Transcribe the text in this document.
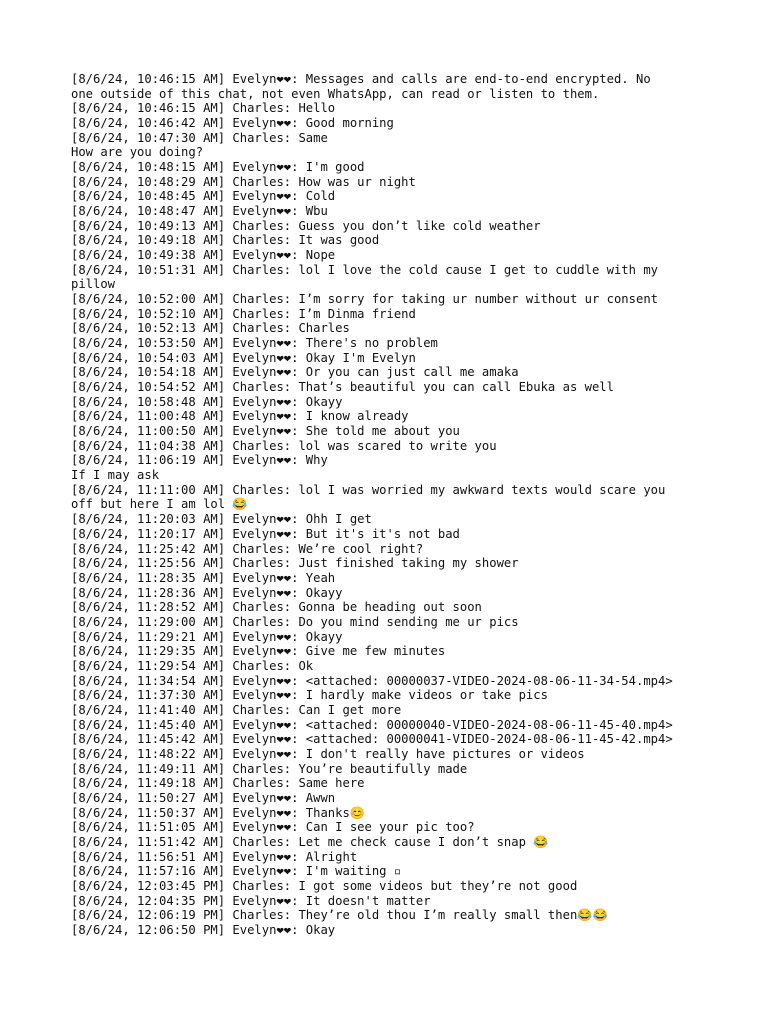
[8/6/24, 10:46:15 AM] Evelyn❤❤: Messages and calls are end-to-end encrypted. No
one outside of this chat, not even WhatsApp, can read or listen to them.
[8/6/24, 10:46:15 AM] Charles: Hello
[8/6/24, 10:46:42 AM] Evelyn❤❤: Good morning
[8/6/24, 10:47:30 AM] Charles: Same
How are you doing?
[8/6/24, 10:48:15 AM] Evelyn❤❤: I'm good
[8/6/24, 10:48:29 AM] Charles: How was ur night
[8/6/24, 10:48:45 AM] Evelyn❤❤: Cold
[8/6/24, 10:48:47 AM] Evelyn❤❤: Wbu
[8/6/24, 10:49:13 AM] Charles: Guess you don’t like cold weather
[8/6/24, 10:49:18 AM] Charles: It was good
[8/6/24, 10:49:38 AM] Evelyn❤❤: Nope
[8/6/24, 10:51:31 AM] Charles: lol I love the cold cause I get to cuddle with my
pillow
[8/6/24, 10:52:00 AM] Charles: I’m sorry for taking ur number without ur consent
[8/6/24, 10:52:10 AM] Charles: I’m Dinma friend
[8/6/24, 10:52:13 AM] Charles: Charles
[8/6/24, 10:53:50 AM] Evelyn❤❤: There's no problem
[8/6/24, 10:54:03 AM] Evelyn❤❤: Okay I'm Evelyn
[8/6/24, 10:54:18 AM] Evelyn❤❤: Or you can just call me amaka
[8/6/24, 10:54:52 AM] Charles: That’s beautiful you can call Ebuka as well
[8/6/24, 10:58:48 AM] Evelyn❤❤: Okayy
[8/6/24, 11:00:48 AM] Evelyn❤❤: I know already
[8/6/24, 11:00:50 AM] Evelyn❤❤: She told me about you
[8/6/24, 11:04:38 AM] Charles: lol was scared to write you
[8/6/24, 11:06:19 AM] Evelyn❤❤: Why
If I may ask
[8/6/24, 11:11:00 AM] Charles: lol I was worried my awkward texts would scare you
off but here I am lol 😂
[8/6/24, 11:20:03 AM] Evelyn❤❤: Ohh I get
[8/6/24, 11:20:17 AM] Evelyn❤❤: But it's it's not bad
[8/6/24, 11:25:42 AM] Charles: We’re cool right?
[8/6/24, 11:25:56 AM] Charles: Just finished taking my shower
[8/6/24, 11:28:35 AM] Evelyn❤❤: Yeah
[8/6/24, 11:28:36 AM] Evelyn❤❤: Okayy
[8/6/24, 11:28:52 AM] Charles: Gonna be heading out soon
[8/6/24, 11:29:00 AM] Charles: Do you mind sending me ur pics
[8/6/24, 11:29:21 AM] Evelyn❤❤: Okayy
[8/6/24, 11:29:35 AM] Evelyn❤❤: Give me few minutes
[8/6/24, 11:29:54 AM] Charles: Ok
[8/6/24, 11:34:54 AM] Evelyn❤❤: <attached: 00000037-VIDEO-2024-08-06-11-34-54.mp4>
[8/6/24, 11:37:30 AM] Evelyn❤❤: I hardly make videos or take pics
[8/6/24, 11:41:40 AM] Charles: Can I get more
[8/6/24, 11:45:40 AM] Evelyn❤❤: <attached: 00000040-VIDEO-2024-08-06-11-45-40.mp4>
[8/6/24, 11:45:42 AM] Evelyn❤❤: <attached: 00000041-VIDEO-2024-08-06-11-45-42.mp4>
[8/6/24, 11:48:22 AM] Evelyn❤❤: I don't really have pictures or videos
[8/6/24, 11:49:11 AM] Charles: You’re beautifully made
[8/6/24, 11:49:18 AM] Charles: Same here
[8/6/24, 11:50:27 AM] Evelyn❤❤: Awwn
[8/6/24, 11:50:37 AM] Evelyn❤❤: Thanks😊
[8/6/24, 11:51:05 AM] Evelyn❤❤: Can I see your pic too?
[8/6/24, 11:51:42 AM] Charles: Let me check cause I don’t snap 😂
[8/6/24, 11:56:51 AM] Evelyn❤❤: Alright
[8/6/24, 11:57:16 AM] Evelyn❤❤: I'm waiting ▫
[8/6/24, 12:03:45 PM] Charles: I got some videos but they’re not good
[8/6/24, 12:04:35 PM] Evelyn❤❤: It doesn't matter
[8/6/24, 12:06:19 PM] Charles: They’re old thou I’m really small then😂😂
[8/6/24, 12:06:50 PM] Evelyn❤❤: Okay
